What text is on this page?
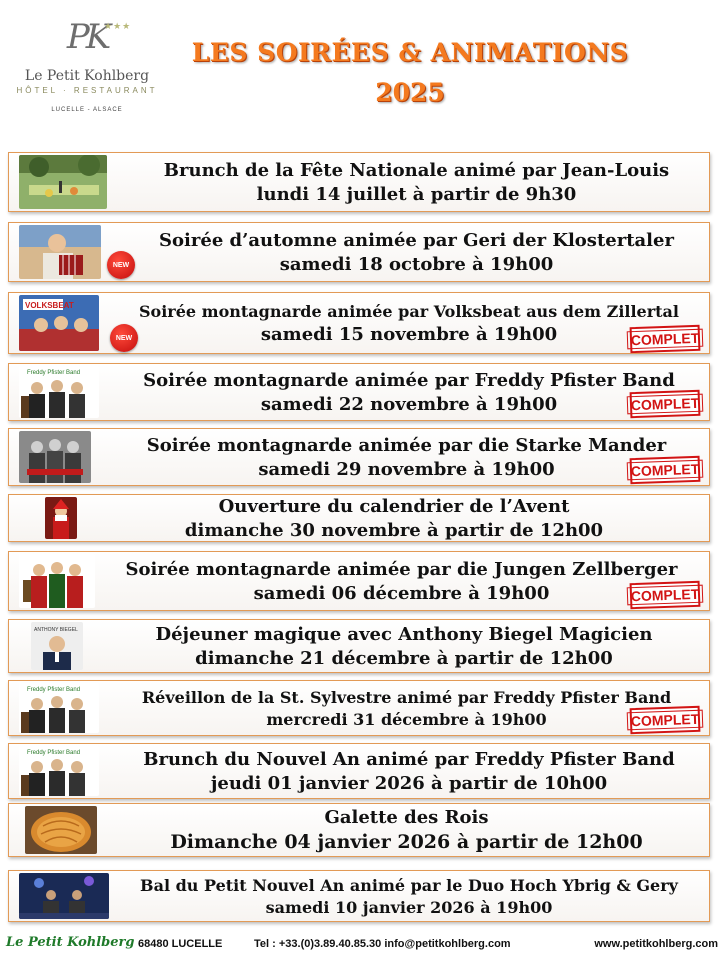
PK
★★★
Le Petit Kohlberg
HÔTEL · RESTAURANT
LUCELLE - ALSACE
LES SOIRÉES & ANIMATIONS
2025
Brunch de la Fête Nationale animé par Jean-Louis
lundi 14 juillet à partir de 9h30
NEW
Soirée d’automne animée par Geri der Klostertaler
samedi 18 octobre à 19h00
VOLKSBEAT
NEW
Soirée montagnarde animée par Volksbeat aus dem Zillertal
samedi 15 novembre à 19h00	COMPLET
Freddy Pfister Band	Soirée montagnarde animée par Freddy Pfister Band
samedi 22 novembre à 19h00	COMPLET
Soirée montagnarde animée par die Starke Mander
samedi 29 novembre à 19h00	COMPLET
Ouverture du calendrier de l’Avent
dimanche 30 novembre à partir de 12h00
Soirée montagnarde animée par die Jungen Zellberger
samedi 06 décembre à 19h00	COMPLET
ANTHONY BIEGEL	Déjeuner magique avec Anthony Biegel Magicien
dimanche 21 décembre à partir de 12h00
Freddy Pfister Band	Réveillon de la St. Sylvestre animé par Freddy Pfister Band
mercredi 31 décembre à 19h00	COMPLET
Freddy Pfister Band	Brunch du Nouvel An animé par Freddy Pfister Band
jeudi 01 janvier 2026 à partir de 10h00
Galette des Rois
Dimanche 04 janvier 2026 à partir de 12h00
Bal du Petit Nouvel An animé par le Duo Hoch Ybrig & Gery
samedi 10 janvier 2026 à 19h00
Le Petit Kohlberg 68480 LUCELLE	Tel : +33.(0)3.89.40.85.30 info@petitkohlberg.com	www.petitkohlberg.com
